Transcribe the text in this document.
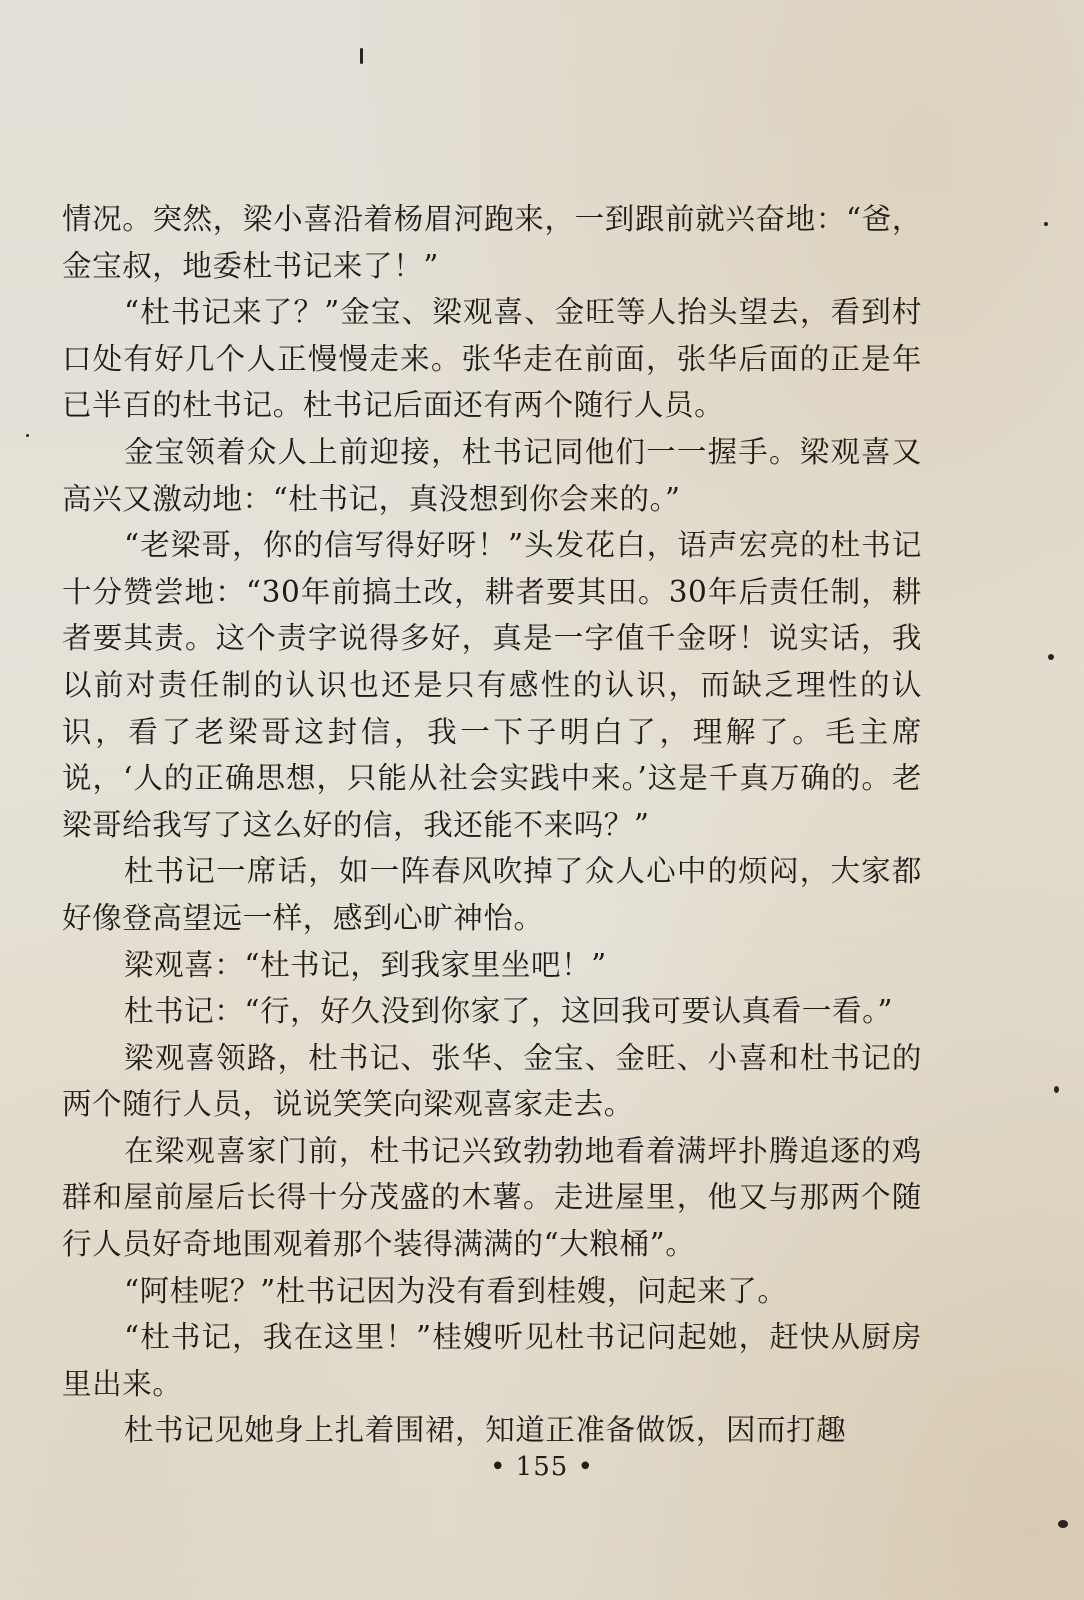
情况。突然，梁小喜沿着杨眉河跑来，一到跟前就兴奋地：“爸，金宝叔，地委杜书记来了！”

“杜书记来了？”金宝、梁观喜、金旺等人抬头望去，看到村口处有好几个人正慢慢走来。张华走在前面，张华后面的正是年已半百的杜书记。杜书记后面还有两个随行人员。

金宝领着众人上前迎接，杜书记同他们一一握手。梁观喜又高兴又激动地：“杜书记，真没想到你会来的。”

“老梁哥，你的信写得好呀！”头发花白，语声宏亮的杜书记十分赞尝地：“30年前搞土改，耕者要其田。30年后责任制，耕者要其责。这个责字说得多好，真是一字值千金呀！说实话，我以前对责任制的认识也还是只有感性的认识，而缺乏理性的认识，看了老梁哥这封信，我一下子明白了，理解了。毛主席说，‘人的正确思想，只能从社会实践中来。’这是千真万确的。老梁哥给我写了这么好的信，我还能不来吗？”

杜书记一席话，如一阵春风吹掉了众人心中的烦闷，大家都好像登高望远一样，感到心旷神怡。

梁观喜：“杜书记，到我家里坐吧！”

杜书记：“行，好久没到你家了，这回我可要认真看一看。”

梁观喜领路，杜书记、张华、金宝、金旺、小喜和杜书记的两个随行人员，说说笑笑向梁观喜家走去。

在梁观喜家门前，杜书记兴致勃勃地看着满坪扑腾追逐的鸡群和屋前屋后长得十分茂盛的木薯。走进屋里，他又与那两个随行人员好奇地围观着那个装得满满的“大粮桶”。

“阿桂呢？”杜书记因为没有看到桂嫂，问起来了。

“杜书记，我在这里！”桂嫂听见杜书记问起她，赶快从厨房里出来。

杜书记见她身上扎着围裙，知道正准备做饭，因而打趣

• 155 •
